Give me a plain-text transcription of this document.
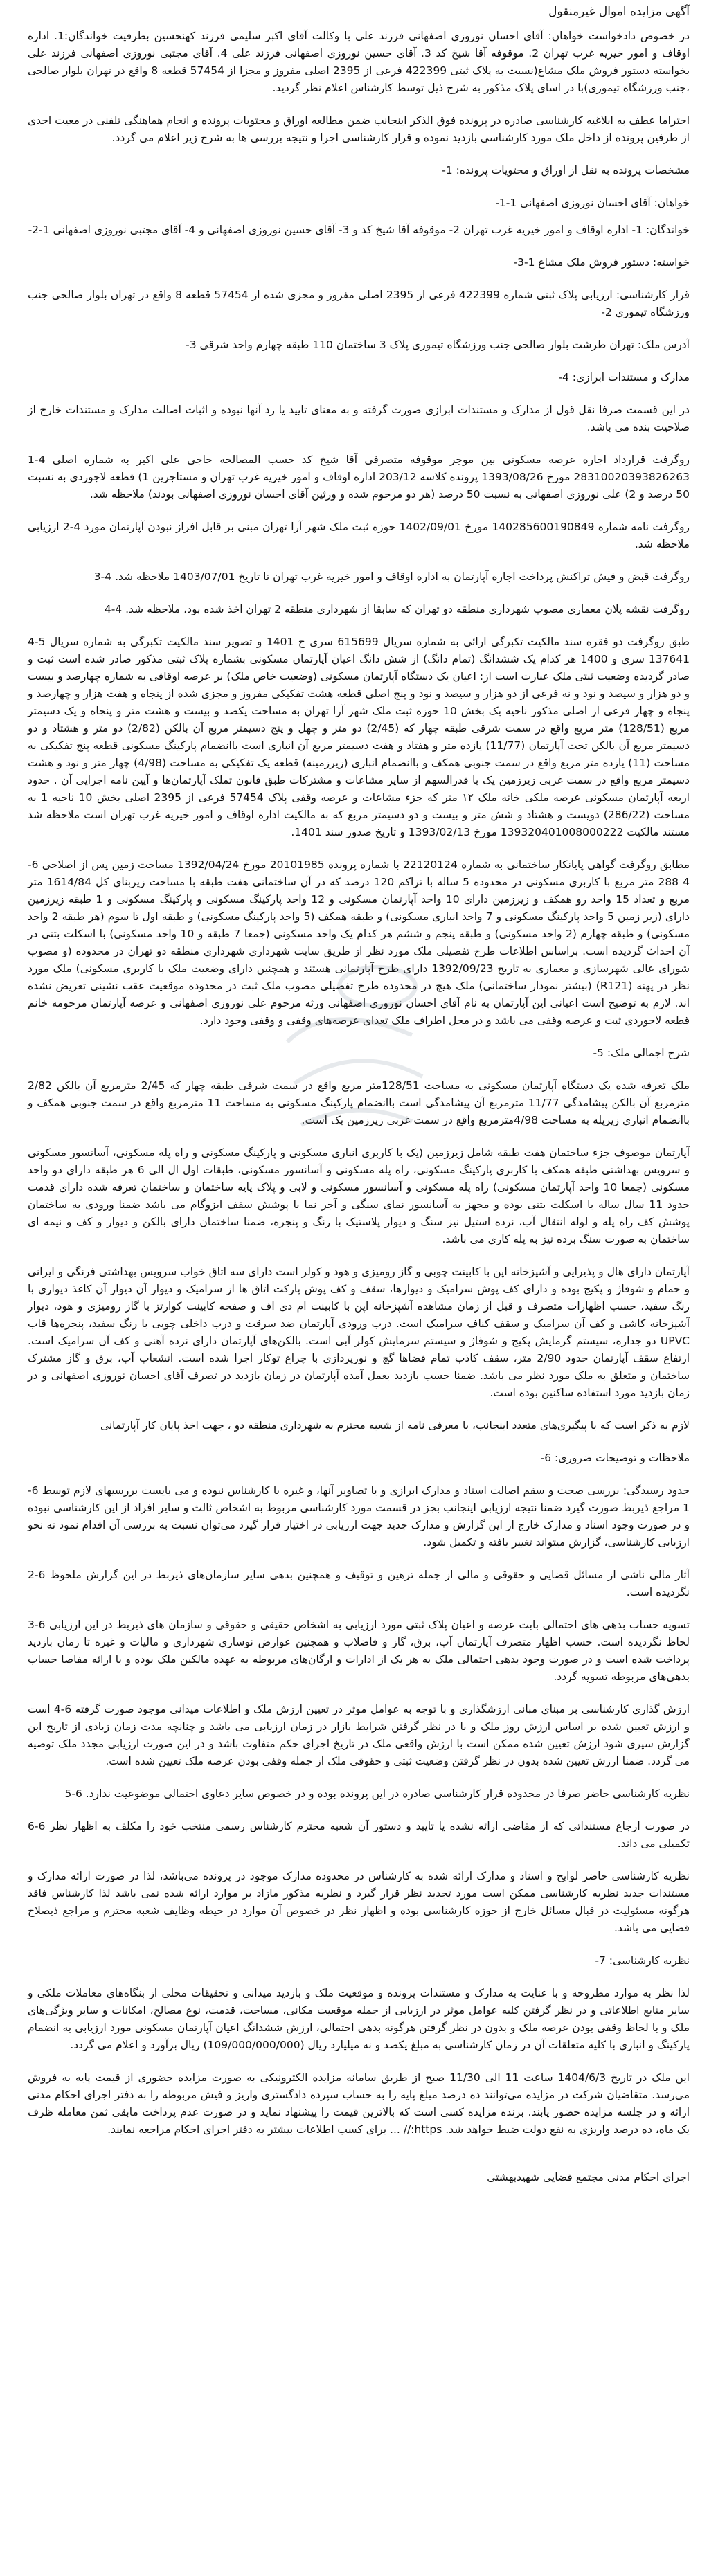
آگهی مزایده اموال غیرمنقول

در خصوص دادخواست خواهان: آقای احسان نوروزی اصفهانی فرزند علی با وکالت آقای اکبر سلیمی فرزند کهنحسین بطرفیت خواندگان:1. اداره اوقاف و امور خیریه غرب تهران 2. موقوفه آقا شیخ کد 3. آقای حسین نوروزی اصفهانی فرزند علی 4. آقای مجتبی نوروزی اصفهانی فرزند علی بخواسته دستور فروش ملک مشاع(نسبت به پلاک ثبتی 422399 فرعی از 2395 اصلی مفروز و مجزا از 57454 قطعه 8 واقع در تهران بلوار صالحی ،جنب ورزشگاه تیموری)با در اسای پلاک مذکور به شرح ذیل توسط کارشناس اعلام نظر گردید.

احتراما عطف به ابلاغیه کارشناسی صادره در پرونده فوق الذکر اینجانب ضمن مطالعه اوراق و محتویات پرونده و انجام هماهنگی تلفنی در معیت احدی از طرفین پرونده از داخل ملک مورد کارشناسی بازدید نموده و قرار کارشناسی اجرا و نتیجه بررسی ها به شرح زیر اعلام می گردد.

مشخصات پرونده به نقل از اوراق و محتویات پرونده: 1-

خواهان: آقای احسان نوروزی اصفهانی 1-1-

خواندگان: 1- اداره اوقاف و امور خیریه غرب تهران 2- موقوفه آقا شیخ کد و 3- آقای حسین نوروزی اصفهانی و 4- آقای مجتبی نوروزی اصفهانی 1-2-

خواسته: دستور فروش ملک مشاع 1-3-

قرار کارشناسی: ارزیابی پلاک ثبتی شماره 422399 فرعی از 2395 اصلی مفروز و مجزی شده از 57454 قطعه 8 واقع در تهران بلوار صالحی جنب ورزشگاه تیموری 2-

آدرس ملک: تهران طرشت بلوار صالحی جنب ورزشگاه تیموری پلاک 3 ساختمان 110 طبقه چهارم واحد شرقی 3-

مدارک و مستندات ابرازی: 4-

در این قسمت صرفا نقل قول از مدارک و مستندات ابرازی صورت گرفته و به معنای تایید یا رد آنها نبوده و اثبات اصالت مدارک و مستندات خارج از صلاحیت بنده می باشد.

روگرفت قرارداد اجاره عرصه مسکونی بین موجر موقوفه متصرفی آقا شیخ کد حسب المصالحه حاجی علی اکبر به شماره اصلی 4-1 28310020393826263 مورخ 1393/08/26 پرونده کلاسه 203/12 اداره اوقاف و امور خیریه غرب تهران و مستاجرین 1) قطعه لاجوردی به نسبت 50 درصد و 2) علی نوروزی اصفهانی به نسبت 50 درصد (هر دو مرحوم شده و ورثین آقای احسان نوروزی اصفهانی بودند) ملاحظه شد.

روگرفت نامه شماره 140285600190849 مورخ 1402/09/01 حوزه ثبت ملک شهر آرا تهران مبنی بر قابل افراز نبودن آپارتمان مورد 4-2 ارزیابی ملاحظه شد.

روگرفت قبض و فیش تراکنش پرداخت اجاره آپارتمان به اداره اوقاف و امور خیریه غرب تهران تا تاریخ 1403/07/01 ملاحظه شد. 4-3

روگرفت نقشه پلان معماری مصوب شهرداری منطقه دو تهران که سابقا از شهرداری منطقه 2 تهران اخذ شده بود، ملاحظه شد. 4-4

طبق روگرفت دو فقره سند مالکیت تکبرگی ارائی به شماره سریال 615699 سری ج 1401 و تصویر سند مالکیت تکبرگی به شماره سریال 5-4 137641 سری و 1400 هر کدام یک ششدانگ (تمام دانگ) از شش دانگ اعیان آپارتمان مسکونی بشماره پلاک ثبتی مذکور صادر شده است ثبت و صادر گردیده وضعیت ثبتی ملک عبارت است از: اعیان یک دستگاه آپارتمان مسکونی (وضعیت خاص ملک) بر عرصه اوقافی به شماره چهارصد و بیست و دو هزار و سیصد و نود و نه فرعی از دو هزار و سیصد و نود و پنج اصلی قطعه هشت تفکیکی مفروز و مجزی شده از پنجاه و هفت هزار و چهارصد و پنجاه و چهار فرعی از اصلی مذکور ناحیه یک بخش 10 حوزه ثبت ملک شهر آرا تهران به مساحت یکصد و بیست و هشت متر و پنجاه و یک دسیمتر مربع (128/51) متر مربع واقع در سمت شرقی طبقه چهار که (2/45) دو متر و چهل و پنج دسیمتر مربع آن بالکن (2/82) دو متر و هشتاد و دو دسیمتر مربع آن بالکن تحت آپارتمان (11/77) یازده متر و هفتاد و هفت دسیمتر مربع آن انباری است باانضمام پارکینگ مسکونی قطعه پنج تفکیکی به مساحت (11) یازده متر مربع واقع در سمت جنوبی همکف و باانضمام انباری (زیرزمینه) قطعه یک تفکیکی به مساحت (4/98) چهار متر و نود و هشت دسیمتر مربع واقع در سمت غربی زیرزمین یک با قدرالسهم از سایر مشاعات و مشترکات طبق قانون تملک آپارتمان‌ها و آیین نامه اجرایی آن . حدود اربعه آپارتمان مسکونی عرصه ملکی خانه ملک ۱۲ متر که جزء مشاعات و عرصه وقفی پلاک 57454 فرعی از 2395 اصلی بخش 10 ناحیه 1 به مساحت (286/22) دویست و هشتاد و شش متر و بیست و دو دسیمتر مربع که به مالکیت اداره اوقاف و امور خیریه غرب تهران است ملاحظه شد مستند مالکیت 139320401008000222 مورخ 1393/02/13 و تاریخ صدور سند 1401.

مطابق روگرفت گواهی پایانکار ساختمانی به شماره 22120124 با شماره پرونده 20101985 مورخ 1392/04/24 مساحت زمین پس از اصلاحی 6-4 288 متر مربع با کاربری مسکونی در محدوده 5 ساله با تراکم 120 درصد که در آن ساختمانی هفت طبقه با مساحت زیربنای کل 1614/84 متر مربع و تعداد 15 واحد رو همکف و زیرزمین دارای 10 واحد آپارتمان مسکونی و 12 واحد پارکینگ مسکونی و پارکینگ مسکونی و 1 طبقه زیرزمین دارای (زیر زمین 5 واحد پارکینگ مسکونی و 7 واحد انباری مسکونی) و طبقه همکف (5 واحد پارکینگ مسکونی) و طبقه اول تا سوم (هر طبقه 2 واحد مسکونی) و طبقه چهارم (2 واحد مسکونی) و طبقه پنجم و ششم هر کدام یک واحد مسکونی (جمعا 7 طبقه و 10 واحد مسکونی) با اسکلت بتنی در آن احداث گردیده است. براساس اطلاعات طرح تفصیلی ملک مورد نظر از طریق سایت شهرداری شهرداری منطقه دو تهران در محدوده (و مصوب شورای عالی شهرسازی و معماری به تاریخ 1392/09/23 دارای طرح آپارتمانی هستند و همچنین دارای وضعیت ملک با کاربری مسکونی) ملک مورد نظر در پهنه (R121) (بیشتر نمودار ساختمانی) ملک هیچ در محدوده طرح تفصیلی مصوب ملک ثبت در محدوده موقعیت عقب نشینی تعریض نشده اند. لازم به توضیح است اعیانی این آپارتمان به نام آقای احسان نوروزی اصفهانی ورثه مرحوم علی نوروزی اصفهانی و عرصه آپارتمان مرحومه خانم قطعه لاجوردی ثبت و عرصه وقفی می باشد و در محل اطراف ملک تعدای عرصه‌های وقفی و وقفی وجود دارد.

شرح اجمالی ملک: 5-

ملک تعرفه شده یک دستگاه آپارتمان مسکونی به مساحت 128/51متر مربع واقع در سمت شرقی طبقه چهار که 2/45 مترمربع آن بالکن 2/82 مترمربع آن بالکن پیشامدگی 11/77 مترمربع آن پیشامدگی است باانضمام پارکینگ مسکونی به مساحت 11 مترمربع واقع در سمت جنوبی همکف و باانضمام انباری زیرپله به مساحت 4/98مترمربع واقع در سمت غربی زیرزمین یک است.

آپارتمان موصوف جزء ساختمان هفت طبقه شامل زیرزمین (یک با کاربری انباری مسکونی و پارکینگ مسکونی و راه پله مسکونی، آسانسور مسکونی و سرویس بهداشتی طبقه همکف با کاربری پارکینگ مسکونی، راه پله مسکونی و آسانسور مسکونی، طبقات اول ال الی 6 هر طبقه دارای دو واحد مسکونی (جمعا 10 واحد آپارتمان مسکونی) راه پله مسکونی و آسانسور مسکونی و لابی و پلاک پایه ساختمان و ساختمان تعرفه شده دارای قدمت حدود 11 سال ساله با اسکلت بتنی بوده و مجهز به آسانسور نمای سنگی و آجر نما با پوشش سقف ایزوگام می باشد ضمنا ورودی به ساختمان پوشش کف راه پله و لوله انتقال آب، نرده استیل نیز سنگ و دیوار پلاستیک با رنگ و پنجره، ضمنا ساختمان دارای بالکن و دیوار و کف و نیمه ای ساختمان به صورت سنگ برده نیز به پله کاری می باشد.

آپارتمان دارای هال و پذیرایی و آشپزخانه اپن با کابینت چوبی و گاز رومیزی و هود و کولر است دارای سه اتاق خواب سرویس بهداشتی فرنگی و ایرانی و حمام و شوفاژ و پکیج بوده و دارای کف پوش سرامیک و دیوارها، سقف و کف پوش پارکت اتاق ها از سرامیک و دیوار آن دیوار آن کاغذ دیواری با رنگ سفید، حسب اظهارات متصرف و قبل از زمان مشاهده آشپزخانه اپن با کابینت ام دی اف و صفحه کابینت کوارتز با گاز رومیزی و هود، دیوار آشپزخانه کاشی و کف آن سرامیک و سقف کناف سرامیک است. درب ورودی آپارتمان ضد سرقت و درب داخلی چوبی با رنگ سفید، پنجره‌ها قاب UPVC دو جداره، سیستم گرمایش پکیج و شوفاژ و سیستم سرمایش کولر آبی است. بالکن‌های آپارتمان دارای نرده آهنی و کف آن سرامیک است. ارتفاع سقف آپارتمان حدود 2/90 متر، سقف کاذب تمام فضاها گچ و نورپردازی با چراغ توکار اجرا شده است. انشعاب آب، برق و گاز مشترک ساختمان و متعلق به ملک مورد نظر می باشد. ضمنا حسب بازدید بعمل آمده آپارتمان در زمان بازدید در تصرف آقای احسان نوروزی اصفهانی و در زمان بازدید مورد استفاده ساکنین بوده است.

لازم به ذکر است که با پیگیری‌های متعدد اینجانب، با معرفی نامه از شعبه محترم به شهرداری منطقه دو ، جهت اخذ پایان کار آپارتمانی

ملاحظات و توضیحات ضروری: 6-

حدود رسیدگی: بررسی صحت و سقم اصالت اسناد و مدارک ابرازی و یا تصاویر آنها، و غیره با کارشناس نبوده و می بایست بررسیهای لازم توسط 6-1 مراجع ذیربط صورت گیرد ضمنا نتیجه ارزیابی اینجانب بجز در قسمت مورد کارشناسی مربوط به اشخاص ثالث و سایر افراد از این کارشناسی نبوده و در صورت وجود اسناد و مدارک خارج از این گزارش و مدارک جدید جهت ارزیابی در اختیار قرار گیرد می‌توان نسبت به بررسی آن اقدام نمود نه نحو ارزیابی کارشناسی، گزارش میتواند تغییر یافته و تکمیل شود.

آثار مالی ناشی از مسائل قضایی و حقوقی و مالی از جمله ترهین و توقیف و همچنین بدهی سایر سازمان‌های ذیربط در این گزارش ملحوظ 6-2 نگردیده است.

تسویه حساب بدهی های احتمالی بابت عرصه و اعیان پلاک ثبتی مورد ارزیابی به اشخاص حقیقی و حقوقی و سازمان های ذیربط در این ارزیابی 6-3 لحاظ نگردیده است. حسب اظهار متصرف آپارتمان آب، برق، گاز و فاضلاب و همچنین عوارض نوسازی شهرداری و مالیات و غیره تا زمان بازدید پرداخت شده است و در صورت وجود بدهی احتمالی ملک به هر یک از ادارات و ارگان‌های مربوطه به عهده مالکین ملک بوده و با ارائه مفاصا حساب بدهی‌های مربوطه تسویه گردد.

ارزش گذاری کارشناسی بر مبنای مبانی ارزشگذاری و با توجه به عوامل موثر در تعیین ارزش ملک و اطلاعات میدانی موجود صورت گرفته 6-4 است و ارزش تعیین شده بر اساس ارزش روز ملک و با در نظر گرفتن شرایط بازار در زمان ارزیابی می باشد و چنانچه مدت زمان زیادی از تاریخ این گزارش سپری شود ارزش تعیین شده ممکن است با ارزش واقعی ملک در تاریخ اجرای حکم متفاوت باشد و در این صورت ارزیابی مجدد ملک توصیه می گردد. ضمنا ارزش تعیین شده بدون در نظر گرفتن وضعیت ثبتی و حقوقی ملک از جمله وقفی بودن عرصه ملک تعیین شده است.

نظریه کارشناسی حاضر صرفا در محدوده قرار کارشناسی صادره در این پرونده بوده و در خصوص سایر دعاوی احتمالی موضوعیت ندارد. 6-5

در صورت ارجاع مستنداتی که از مقاضی ارائه نشده یا تایید و دستور آن شعبه محترم کارشناس رسمی منتخب خود را مکلف به اظهار نظر 6-6 تکمیلی می داند.

نظریه کارشناسی حاضر لوایح و اسناد و مدارک ارائه شده به کارشناس در محدوده مدارک موجود در پرونده می‌باشد، لذا در صورت ارائه مدارک و مستندات جدید نظریه کارشناسی ممکن است مورد تجدید نظر قرار گیرد و نظریه مذکور مازاد بر موارد ارائه شده نمی باشد لذا کارشناس فاقد هرگونه مسئولیت در قبال مسائل خارج از حوزه کارشناسی بوده و اظهار نظر در خصوص آن موارد در حیطه وظایف شعبه محترم و مراجع ذیصلاح قضایی می باشد.

نظریه کارشناسی: 7-

لذا نظر به موارد مطروحه و با عنایت به مدارک و مستندات پرونده و موقعیت ملک و بازدید میدانی و تحقیقات محلی از بنگاه‌های معاملات ملکی و سایر منابع اطلاعاتی و در نظر گرفتن کلیه عوامل موثر در ارزیابی از جمله موقعیت مکانی، مساحت، قدمت، نوع مصالح، امکانات و سایر ویژگی‌های ملک و با لحاظ وقفی بودن عرصه ملک و بدون در نظر گرفتن هرگونه بدهی احتمالی، ارزش ششدانگ اعیان آپارتمان مسکونی مورد ارزیابی به انضمام پارکینگ و انباری با کلیه متعلقات آن در زمان کارشناسی به مبلغ یکصد و نه میلیارد ریال (109/000/000/000) ریال برآورد و اعلام می گردد.

این ملک در تاریخ 1404/6/3 ساعت 11 الی 11/30 صبح از طریق سامانه مزایده الکترونیکی به صورت مزایده حضوری از قیمت پایه به فروش می‌رسد. متقاضیان شرکت در مزایده می‌توانند ده درصد مبلغ پایه را به حساب سپرده دادگستری واریز و فیش مربوطه را به دفتر اجرای احکام مدنی ارائه و در جلسه مزایده حضور یابند. برنده مزایده کسی است که بالاترین قیمت را پیشنهاد نماید و در صورت عدم پرداخت مابقی ثمن معامله ظرف یک ماه، ده درصد واریزی به نفع دولت ضبط خواهد شد. https:// ... برای کسب اطلاعات بیشتر به دفتر اجرای احکام مراجعه نمایند.

اجرای احکام مدنی مجتمع قضایی شهیدبهشتی
